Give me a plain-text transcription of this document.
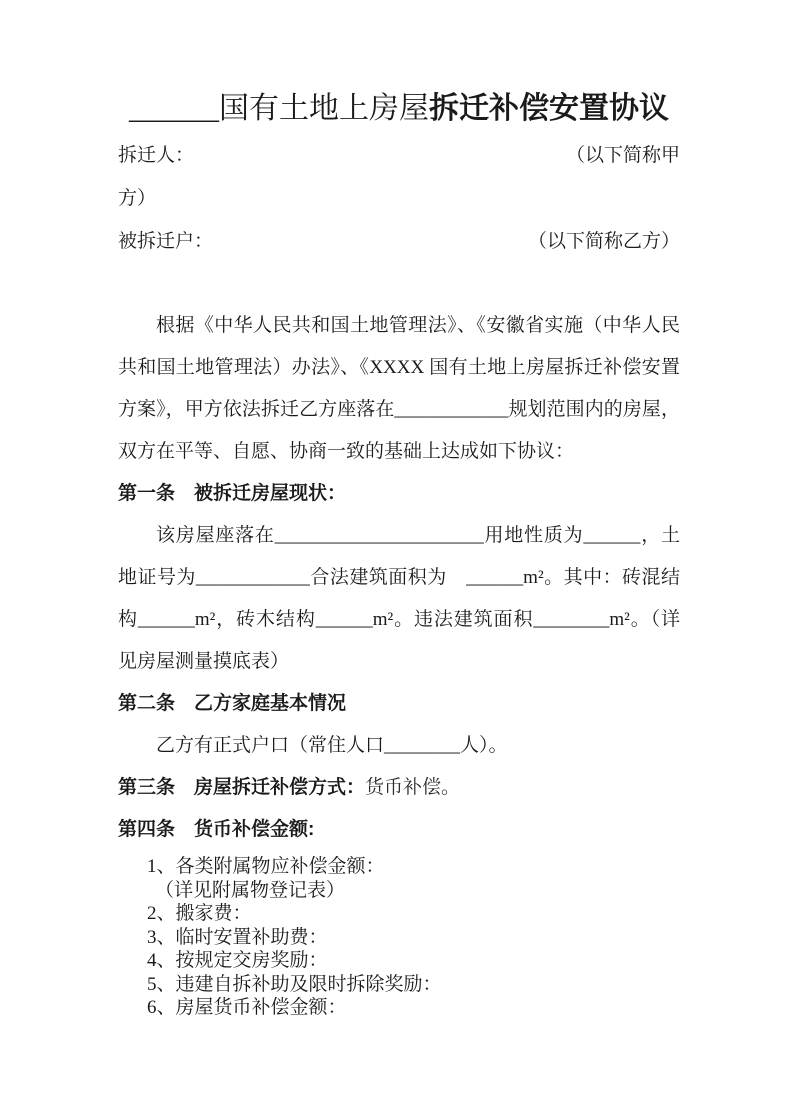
______国有土地上房屋拆迁补偿安置协议
拆迁人：	（以下简称甲
方）
被拆迁户：	（以下简称乙方）

根据《中华人民共和国土地管理法》、《安徽省实施（中华人民共和国土地管理法）办法》、《XXXX 国有土地上房屋拆迁补偿安置方案》，甲方依法拆迁乙方座落在____________规划范围内的房屋，双方在平等、自愿、协商一致的基础上达成如下协议：

第一条　被拆迁房屋现状：

该房屋座落在______________________用地性质为______，土地证号为____________合法建筑面积为　______m²。其中：砖混结构______m²，砖木结构______m²。违法建筑面积________m²。（详见房屋测量摸底表）

第二条　乙方家庭基本情况

乙方有正式户口（常住人口________人）。

第三条　房屋拆迁补偿方式：货币补偿。
第四条　货币补偿金额:
1、各类附属物应补偿金额：
（详见附属物登记表）
2、搬家费：
3、临时安置补助费：
4、按规定交房奖励：
5、违建自拆补助及限时拆除奖励：
6、房屋货币补偿金额：
